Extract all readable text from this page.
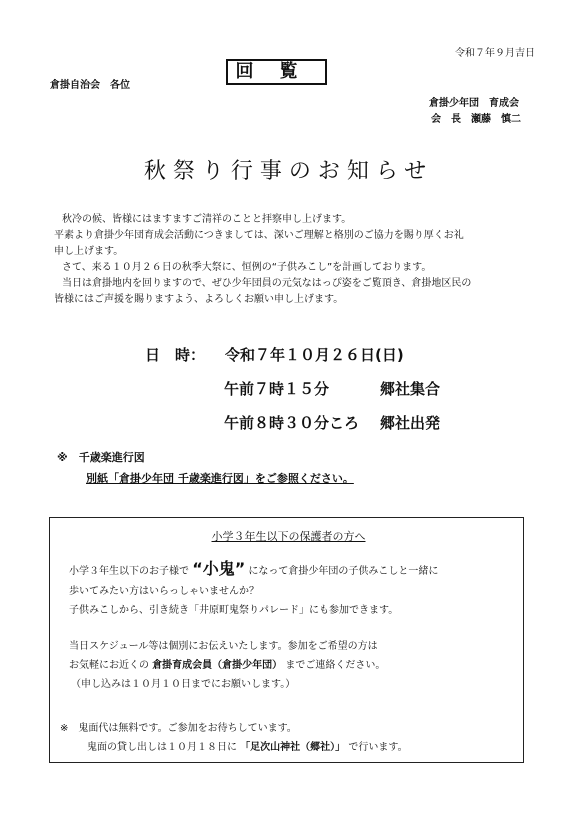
令和７年９月吉日
倉掛自治会　各位
回覧
倉掛少年団　育成会
会　長　瀬藤　慎二
秋祭り行事のお知らせ
秋冷の候、皆様にはますますご清祥のことと拝察申し上げます。
平素より倉掛少年団育成会活動につきましては、深いご理解と格別のご協力を賜り厚くお礼
申し上げます。
さて、来る１０月２６日の秋季大祭に、恒例の“子供みこし”を計画しております。
当日は倉掛地内を回りますので、ぜひ少年団員の元気なはっぴ姿をご覧頂き、倉掛地区民の
皆様にはご声援を賜りますよう、よろしくお願い申し上げます。
日　時： 令和７年１０月２６日(日)
午前７時１５分	郷社集合
午前８時３０分ころ 郷社出発
※　千歳楽進行図
別紙「倉掛少年団 千歳楽進行図」をご参照ください。
小学３年生以下の保護者の方へ
小学３年生以下のお子様で “小鬼” になって倉掛少年団の子供みこしと一緒に
歩いてみたい方はいらっしゃいませんか？
子供みこしから、引き続き「井原町鬼祭りパレード」にも参加できます。
当日スケジュール等は個別にお伝えいたします。参加をご希望の方は
お気軽にお近くの 倉掛育成会員（倉掛少年団） までご連絡ください。
（申し込みは１０月１０日までにお願いします。）
※　鬼面代は無料です。ご参加をお待ちしています。
鬼面の貸し出しは１０月１８日に 「足次山神社（郷社）」 で行います。
